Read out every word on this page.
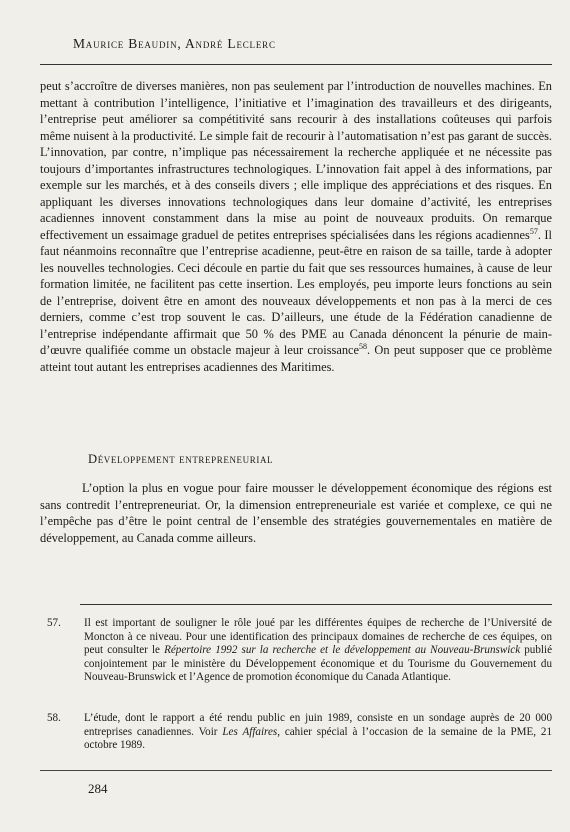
Maurice Beaudin, André Leclerc

peut s’accroître de diverses manières, non pas seulement par l’introduction de nouvelles machines. En mettant à contribution l’intelligence, l’initiative et l’imagination des travailleurs et des dirigeants, l’entreprise peut améliorer sa compétitivité sans recourir à des installations coûteuses qui parfois même nuisent à la productivité. Le simple fait de recourir à l’automatisation n’est pas garant de succès. L’innovation, par contre, n’implique pas nécessairement la recherche appliquée et ne nécessite pas toujours d’importantes infrastructures technologiques. L’innovation fait appel à des informations, par exemple sur les marchés, et à des conseils divers ; elle implique des appréciations et des risques. En appliquant les diverses innovations technologiques dans leur domaine d’activité, les entreprises acadiennes innovent constamment dans la mise au point de nouveaux produits. On remarque effectivement un essaimage graduel de petites entreprises spécialisées dans les régions acadiennes$^{57}$. Il faut néanmoins reconnaître que l’entreprise acadienne, peut-être en raison de sa taille, tarde à adopter les nouvelles technologies. Ceci découle en partie du fait que ses ressources humaines, à cause de leur formation limitée, ne facilitent pas cette insertion. Les employés, peu importe leurs fonctions au sein de l’entreprise, doivent être en amont des nouveaux développements et non pas à la merci de ces derniers, comme c’est trop souvent le cas. D’ailleurs, une étude de la Fédération canadienne de l’entreprise indépendante affirmait que 50 % des PME au Canada dénoncent la pénurie de main-d’œuvre qualifiée comme un obstacle majeur à leur croissance$^{58}$. On peut supposer que ce problème atteint tout autant les entreprises acadiennes des Maritimes.

Développement entrepreneurial

L’option la plus en vogue pour faire mousser le développement économique des régions est sans contredit l’entrepreneuriat. Or, la dimension entrepreneuriale est variée et complexe, ce qui ne l’empêche pas d’être le point central de l’ensemble des stratégies gouvernementales en matière de développement, au Canada comme ailleurs.

57.	Il est important de souligner le rôle joué par les différentes équipes de recherche de l’Université de Moncton à ce niveau. Pour une identification des principaux domaines de recherche de ces équipes, on peut consulter le Répertoire 1992 sur la recherche et le développement au Nouveau-Brunswick publié conjointement par le ministère du Développement économique et du Tourisme du Gouvernement du Nouveau-Brunswick et l’Agence de promotion économique du Canada Atlantique.
58.	L’étude, dont le rapport a été rendu public en juin 1989, consiste en un sondage auprès de 20 000 entreprises canadiennes. Voir Les Affaires, cahier spécial à l’occasion de la semaine de la PME, 21 octobre 1989.
284
